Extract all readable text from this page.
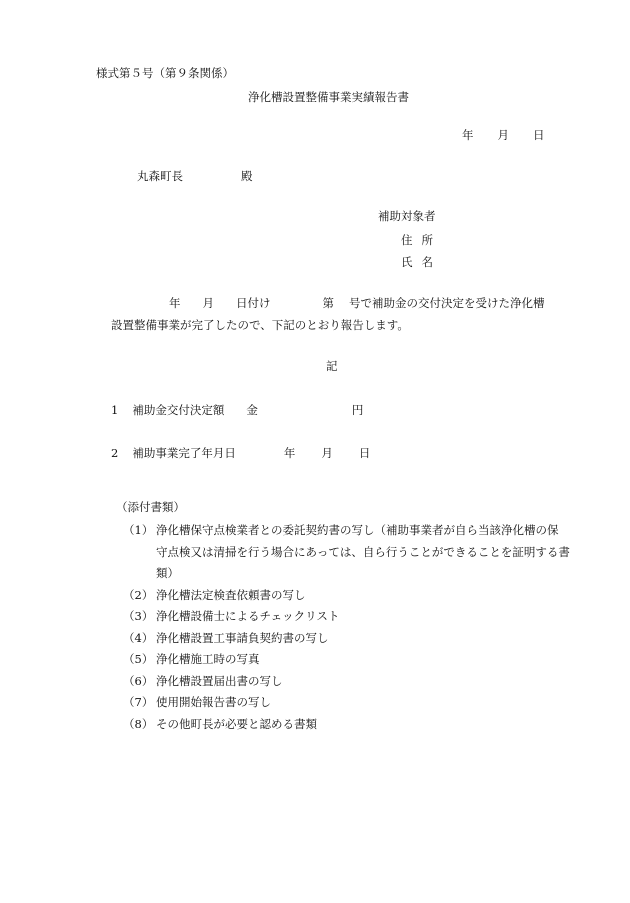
様式第５号（第９条関係）
浄化槽設置整備事業実績報告書
年 月 日
丸森町長	殿
補助対象者
住所
氏名
年 月 日付け	第 号で補助金の交付決定を受けた浄化槽
設置整備事業が完了したので、下記のとおり報告します。
記
1 補助金交付決定額 金	円
2 補助事業完了年月日	年 月 日
（添付書類）
（1） 浄化槽保守点検業者との委託契約書の写し（補助事業者が自ら当該浄化槽の保
守点検又は清掃を行う場合にあっては、自ら行うことができることを証明する書
類）
（2） 浄化槽法定検査依頼書の写し
（3） 浄化槽設備士によるチェックリスト
（4） 浄化槽設置工事請負契約書の写し
（5） 浄化槽施工時の写真
（6） 浄化槽設置届出書の写し
（7） 使用開始報告書の写し
（8） その他町長が必要と認める書類
